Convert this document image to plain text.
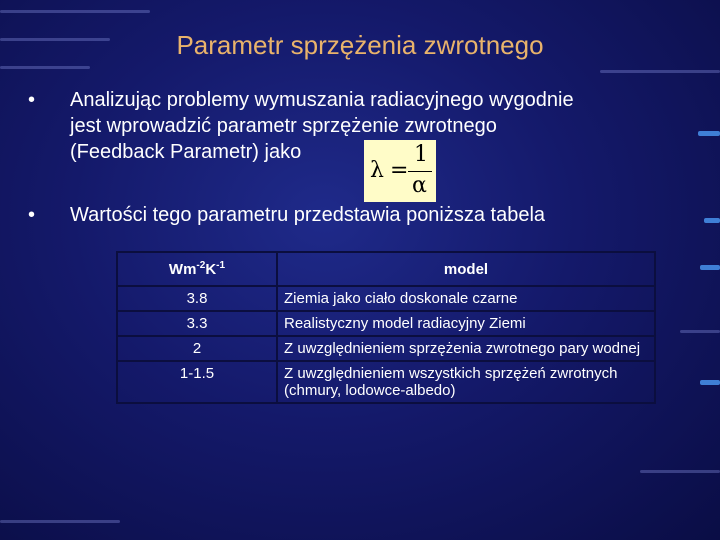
Parametr sprzężenia zwrotnego
• Analizując problemy wymuszania radiacyjnego wygodnie
jest wprowadzić parametr sprzężenie zwrotnego
(Feedback Parametr) jako
λ =
1
α
• Wartości tego parametru przedstawia poniższa tabela
$Wm^{-2}K^{-1}$	model
3.8	Ziemia jako ciało doskonale czarne
3.3	Realistyczny model radiacyjny Ziemi
2	Z uwzględnieniem sprzężenia zwrotnego pary wodnej
1-1.5	Z uwzględnieniem wszystkich sprzężeń zwrotnych (chmury, lodowce-albedo)
